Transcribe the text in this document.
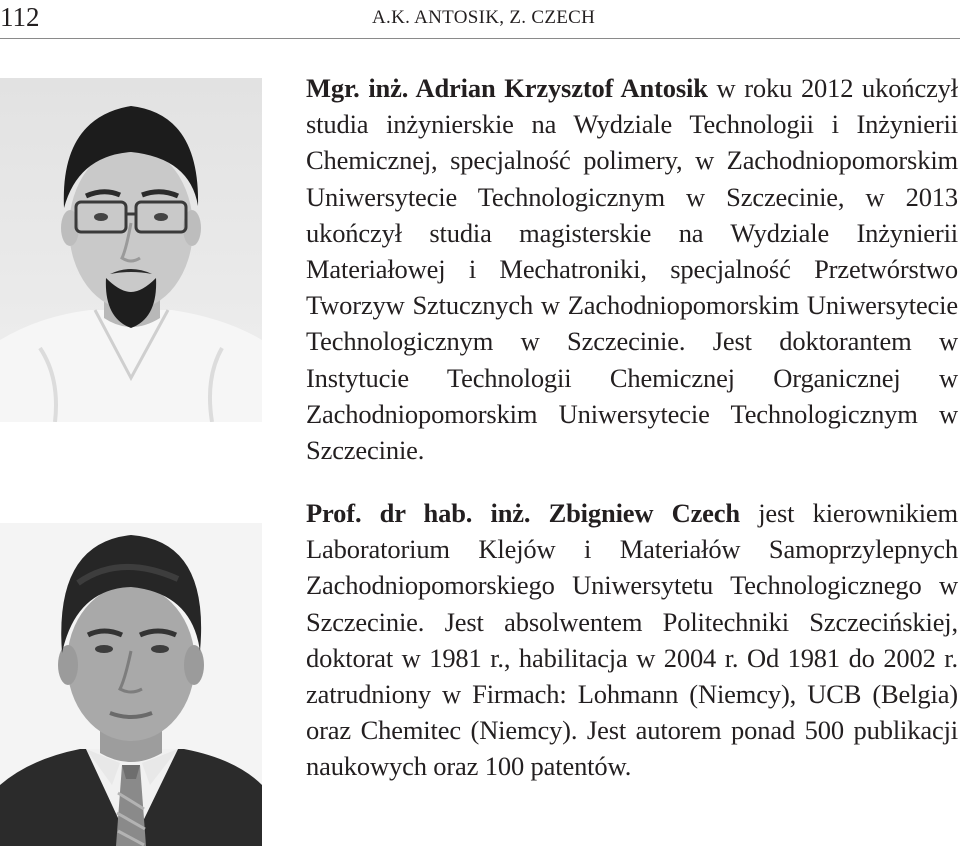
112	A.K. ANTOSIK, Z. CZECH
Mgr. inż. Adrian Krzysztof Antosik w roku 2012 ukończył studia inżynierskie na Wydziale Technologii i Inżynierii Chemicznej, specjalność polimery, w Zachodniopomorskim Uniwersytecie Technologicznym w Szczecinie, w 2013 ukończył studia magisterskie na Wydziale Inżynierii Materiałowej i Mechatroniki, specjalność Przetwórstwo Tworzyw Sztucznych w Zachodniopomorskim Uniwersytecie Technologicznym w Szczecinie. Jest doktorantem w Instytucie Technologii Chemicznej Organicznej w Zachodniopomorskim Uniwersytecie Technologicznym w Szczecinie.
Prof. dr hab. inż. Zbigniew Czech jest kierownikiem Laboratorium Klejów i Materiałów Samoprzylepnych Zachodniopomorskiego Uniwersytetu Technologicznego w Szczecinie. Jest absolwentem Politechniki Szczecińskiej, doktorat w 1981 r., habilitacja w 2004 r. Od 1981 do 2002 r. zatrudniony w Firmach: Lohmann (Niemcy), UCB (Belgia) oraz Chemitec (Niemcy). Jest autorem ponad 500 publikacji naukowych oraz 100 patentów.
